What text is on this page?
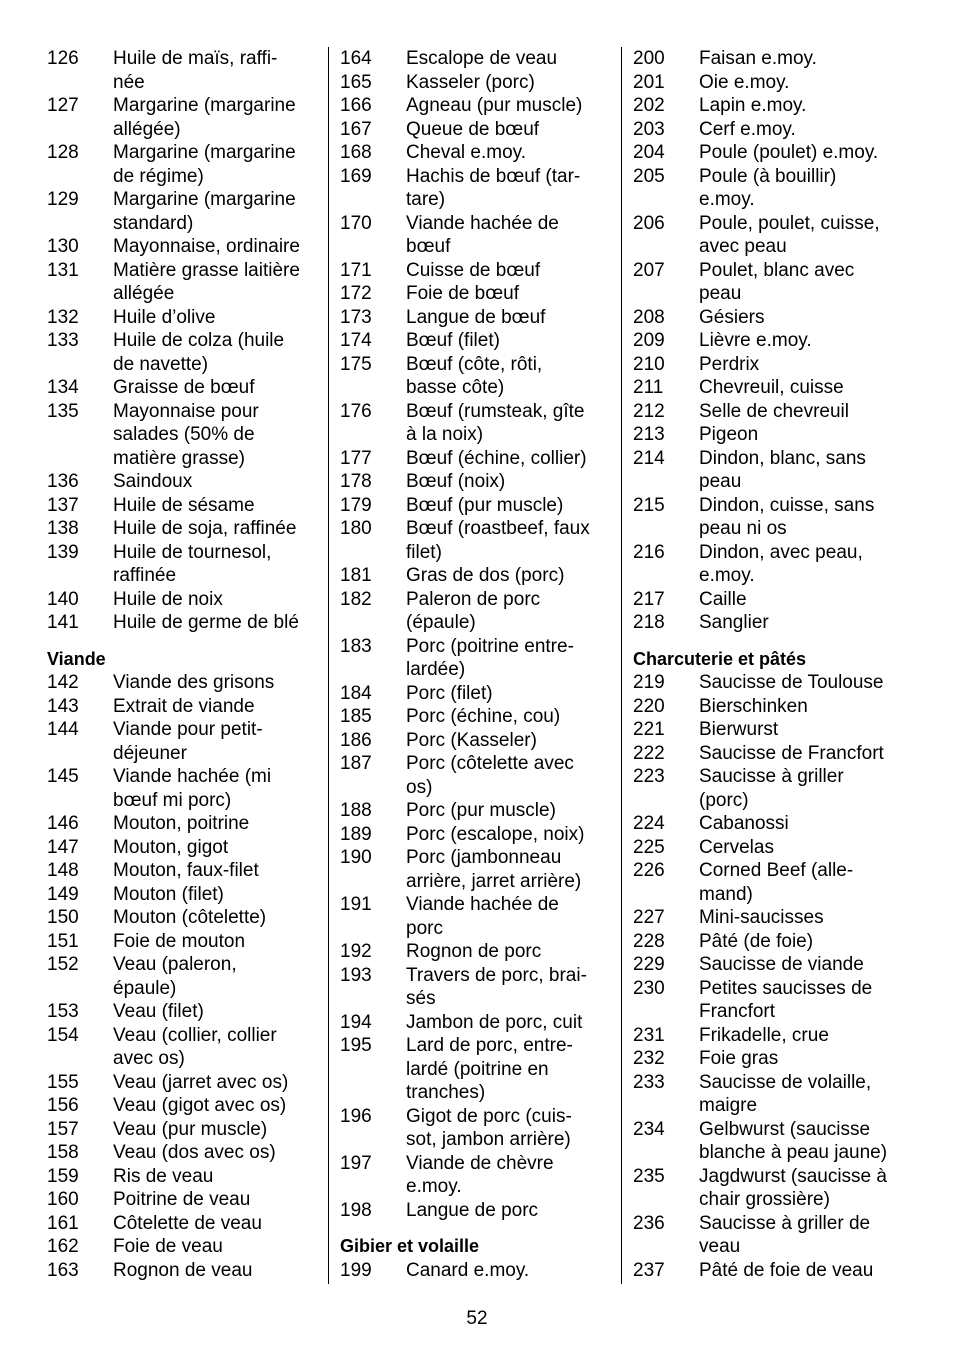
126	Huile de maïs, raffi-
née
127	Margarine (margarine
allégée)
128	Margarine (margarine
de régime)
129	Margarine (margarine
standard)
130	Mayonnaise, ordinaire
131	Matière grasse laitière
allégée
132	Huile d’olive
133	Huile de colza (huile
de navette)
134	Graisse de bœuf
135	Mayonnaise pour
salades (50% de
matière grasse)
136	Saindoux
137	Huile de sésame
138	Huile de soja, raffinée
139	Huile de tournesol,
raffinée
140	Huile de noix
141	Huile de germe de blé
Viande
142	Viande des grisons
143	Extrait de viande
144	Viande pour petit-
déjeuner
145	Viande hachée (mi
bœuf mi porc)
146	Mouton, poitrine
147	Mouton, gigot
148	Mouton, faux-filet
149	Mouton (filet)
150	Mouton (côtelette)
151	Foie de mouton
152	Veau (paleron,
épaule)
153	Veau (filet)
154	Veau (collier, collier
avec os)
155	Veau (jarret avec os)
156	Veau (gigot avec os)
157	Veau (pur muscle)
158	Veau (dos avec os)
159	Ris de veau
160	Poitrine de veau
161	Côtelette de veau
162	Foie de veau
163	Rognon de veau
164	Escalope de veau
165	Kasseler (porc)
166	Agneau (pur muscle)
167	Queue de bœuf
168	Cheval e.moy.
169	Hachis de bœuf (tar-
tare)
170	Viande hachée de
bœuf
171	Cuisse de bœuf
172	Foie de bœuf
173	Langue de bœuf
174	Bœuf (filet)
175	Bœuf (côte, rôti,
basse côte)
176	Bœuf (rumsteak, gîte
à la noix)
177	Bœuf (échine, collier)
178	Bœuf (noix)
179	Bœuf (pur muscle)
180	Bœuf (roastbeef, faux
filet)
181	Gras de dos (porc)
182	Paleron de porc
(épaule)
183	Porc (poitrine entre-
lardée)
184	Porc (filet)
185	Porc (échine, cou)
186	Porc (Kasseler)
187	Porc (côtelette avec
os)
188	Porc (pur muscle)
189	Porc (escalope, noix)
190	Porc (jambonneau
arrière, jarret arrière)
191	Viande hachée de
porc
192	Rognon de porc
193	Travers de porc, brai-
sés
194	Jambon de porc, cuit
195	Lard de porc, entre-
lardé (poitrine en
tranches)
196	Gigot de porc (cuis-
sot, jambon arrière)
197	Viande de chèvre
e.moy.
198	Langue de porc
Gibier et volaille
199	Canard e.moy.
200	Faisan e.moy.
201	Oie e.moy.
202	Lapin e.moy.
203	Cerf e.moy.
204	Poule (poulet) e.moy.
205	Poule (à bouillir)
e.moy.
206	Poule, poulet, cuisse,
avec peau
207	Poulet, blanc avec
peau
208	Gésiers
209	Lièvre e.moy.
210	Perdrix
211	Chevreuil, cuisse
212	Selle de chevreuil
213	Pigeon
214	Dindon, blanc, sans
peau
215	Dindon, cuisse, sans
peau ni os
216	Dindon, avec peau,
e.moy.
217	Caille
218	Sanglier
Charcuterie et pâtés
219	Saucisse de Toulouse
220	Bierschinken
221	Bierwurst
222	Saucisse de Francfort
223	Saucisse à griller
(porc)
224	Cabanossi
225	Cervelas
226	Corned Beef (alle-
mand)
227	Mini-saucisses
228	Pâté (de foie)
229	Saucisse de viande
230	Petites saucisses de
Francfort
231	Frikadelle, crue
232	Foie gras
233	Saucisse de volaille,
maigre
234	Gelbwurst (saucisse
blanche à peau jaune)
235	Jagdwurst (saucisse à
chair grossière)
236	Saucisse à griller de
veau
237	Pâté de foie de veau
52
